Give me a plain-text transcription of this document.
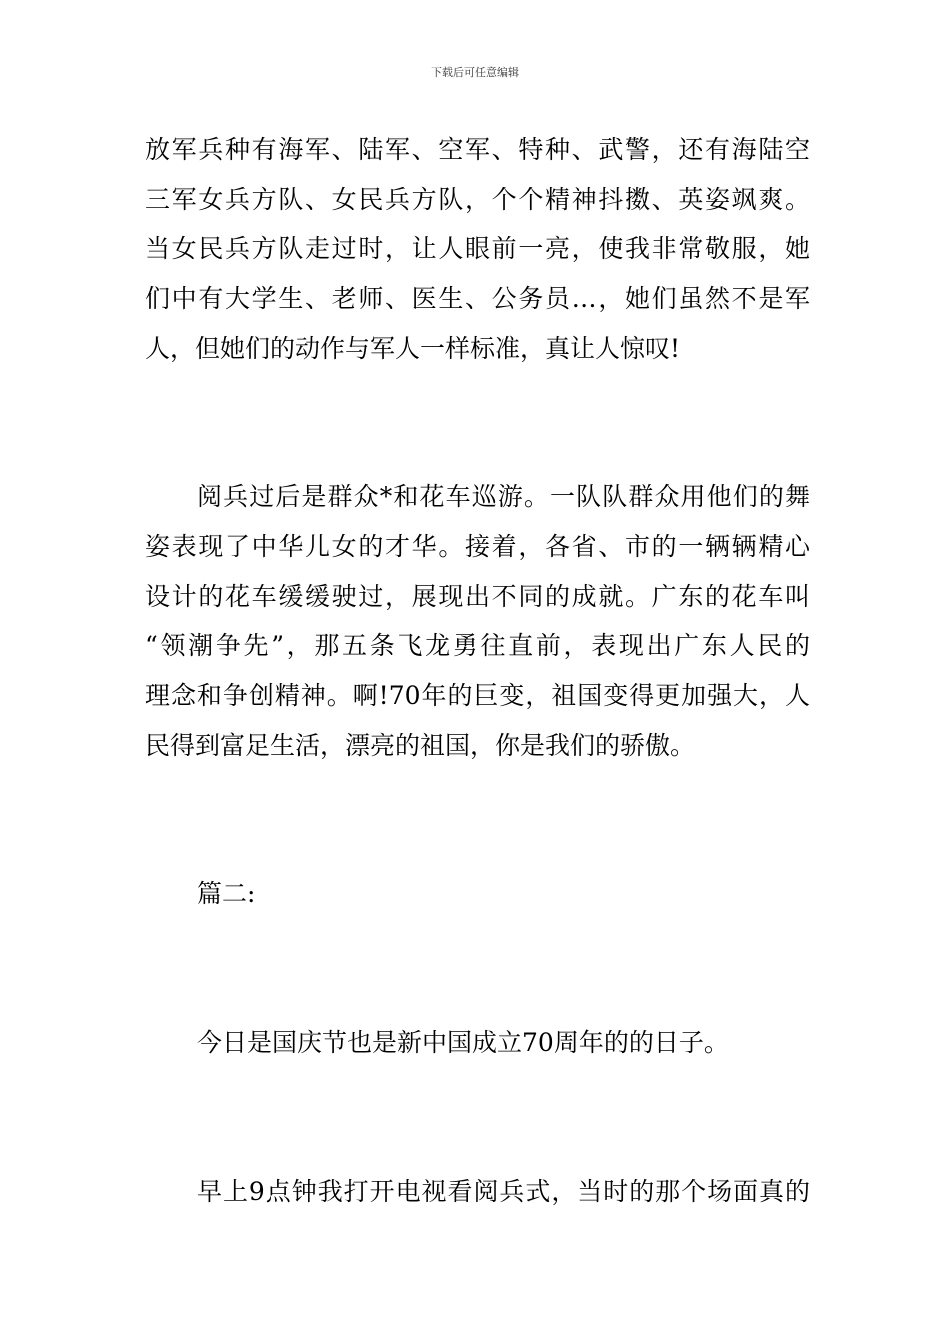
下载后可任意编辑
放军兵种有海军、陆军、空军、特种、武警，还有海陆空
三军女兵方队、女民兵方队，个个精神抖擞、英姿飒爽。
当女民兵方队走过时，让人眼前一亮，使我非常敬服，她
们中有大学生、老师、医生、公务员…，她们虽然不是军
人，但她们的动作与军人一样标准，真让人惊叹!
阅兵过后是群众*和花车巡游。一队队群众用他们的舞
姿表现了中华儿女的才华。接着，各省、市的一辆辆精心
设计的花车缓缓驶过，展现出不同的成就。广东的花车叫
“领潮争先”，那五条飞龙勇往直前，表现出广东人民的
理念和争创精神。啊!70年的巨变，祖国变得更加强大，人
民得到富足生活，漂亮的祖国，你是我们的骄傲。
篇二:
今日是国庆节也是新中国成立70周年的的日子。
早上9点钟我打开电视看阅兵式，当时的那个场面真的
